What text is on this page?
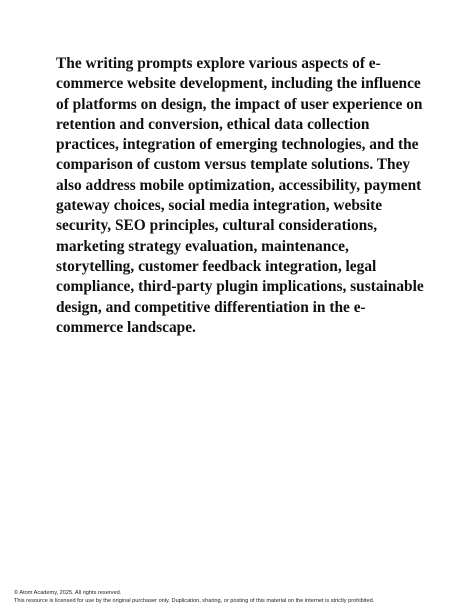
The writing prompts explore various aspects of e-commerce website development, including the influence of platforms on design, the impact of user experience on retention and conversion, ethical data collection practices, integration of emerging technologies, and the comparison of custom versus template solutions. They also address mobile optimization, accessibility, payment gateway choices, social media integration, website security, SEO principles, cultural considerations, marketing strategy evaluation, maintenance, storytelling, customer feedback integration, legal compliance, third-party plugin implications, sustainable design, and competitive differentiation in the e-commerce landscape.

© Atom Academy, 2025. All rights reserved.
This resource is licensed for use by the original purchaser only. Duplication, sharing, or posting of this material on the internet is strictly prohibited.
